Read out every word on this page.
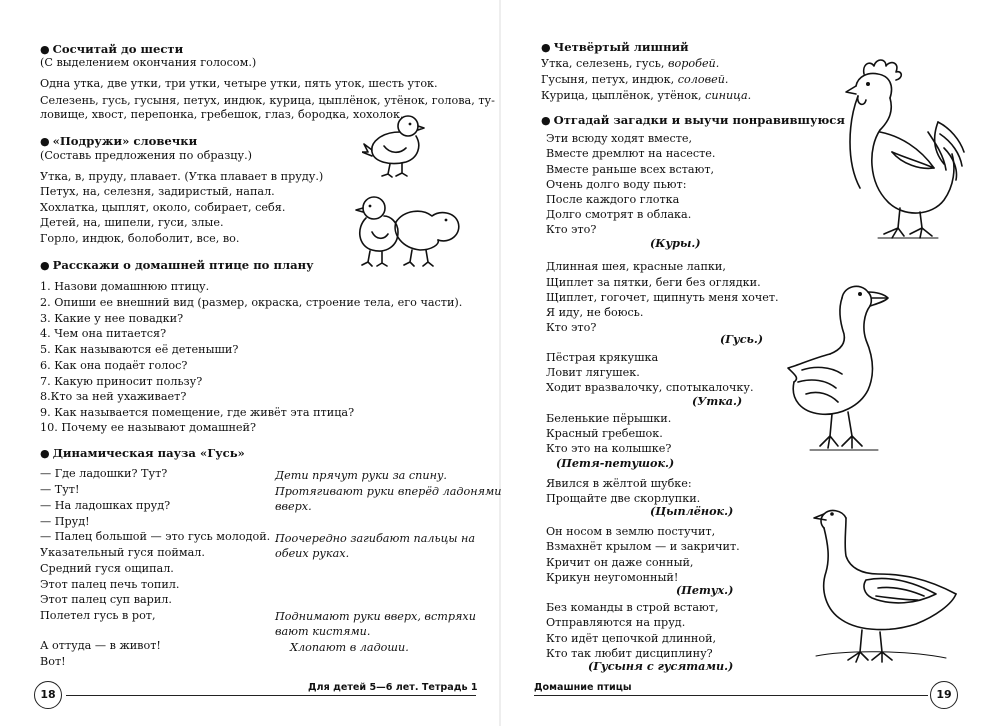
● Сосчитай до шести
(С выделением окончания голосом.)
Одна утка, две утки, три утки, четыре утки, пять уток, шесть уток.
Селезень, гусь, гусыня, петух, индюк, курица, цыплёнок, утёнок, голова, ту-
ловище, хвост, перепонка, гребешок, глаз, бородка, хохолок.
● «Подружи» словечки
(Составь предложения по образцу.)
Утка, в, пруду, плавает. (Утка плавает в пруду.)
Петух, на, селезня, задиристый, напал.
Хохлатка, цыплят, около, собирает, себя.
Детей, на, шипели, гуси, злые.
Горло, индюк, болоболит, все, во.
● Расскажи о домашней птице по плану
1. Назови домашнюю птицу.
2. Опиши ее внешний вид (размер, окраска, строение тела, его части).
3. Какие у нее повадки?
4. Чем она питается?
5. Как называются её детеныши?
6. Как она подаёт голос?
7. Какую приносит пользу?
8.Кто за ней ухаживает?
9. Как называется помещение, где живёт эта птица?
10. Почему ее называют домашней?
● Динамическая пауза «Гусь»
— Где ладошки? Тут?
— Тут!
— На ладошках пруд?
— Пруд!
— Палец большой — это гусь молодой.
Указательный гуся поймал.
Средний гуся ощипал.
Этот палец печь топил.
Этот палец суп варил.
Полетел гусь в рот,
А оттуда — в живот!
Вот!
Дети прячут руки за спину.
Протягивают руки вперёд ладонями
вверх.
Поочередно загибают пальцы на
обеих руках.
Поднимают руки вверх, встряхи
вают кистями.
Хлопают в ладоши.
18
Для детей 5—6 лет. Тетрадь 1
● Четвёртый лишний
Утка, селезень, гусь, воробей.
Гусыня, петух, индюк, соловей.
Курица, цыплёнок, утёнок, синица.
● Отгадай загадки и выучи понравившуюся
Эти всюду ходят вместе,
Вместе дремлют на насесте.
Вместе раньше всех встают,
Очень долго воду пьют:
После каждого глотка
Долго смотрят в облака.
Кто это?
(Куры.)
Длинная шея, красные лапки,
Щиплет за пятки, беги без оглядки.
Щиплет, гогочет, щипнуть меня хочет.
Я иду, не боюсь.
Кто это?
(Гусь.)
Пёстрая крякушка
Ловит лягушек.
Ходит вразвалочку, спотыкалочку.
(Утка.)
Беленькие пёрышки.
Красный гребешок.
Кто это на колышке?
(Петя-петушок.)
Явился в жёлтой шубке:
Прощайте две скорлупки.
(Цыплёнок.)
Он носом в землю постучит,
Взмахнёт крылом — и закричит.
Кричит он даже сонный,
Крикун неугомонный!
(Петух.)
Без команды в строй встают,
Отправляются на пруд.
Кто идёт цепочкой длинной,
Кто так любит дисциплину?
(Гусыня с гусятами.)
19
Домашние птицы
